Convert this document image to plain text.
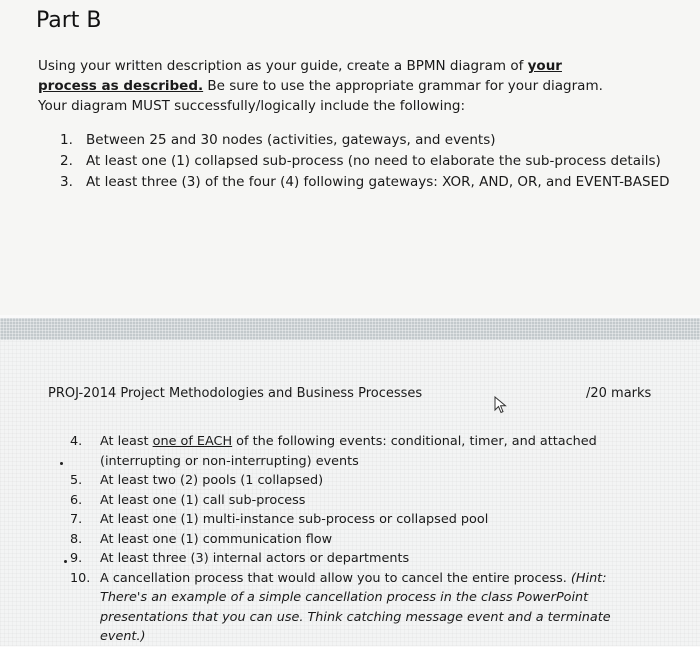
Part B

Using your written description as your guide, create a BPMN diagram of your process as described. Be sure to use the appropriate grammar for your diagram. Your diagram MUST successfully/logically include the following:

1. Between 25 and 30 nodes (activities, gateways, and events)
2. At least one (1) collapsed sub-process (no need to elaborate the sub-process details)
3. At least three (3) of the four (4) following gateways: XOR, AND, OR, and EVENT-BASED
PROJ-2014 Project Methodologies and Business Processes	/20 marks
4.	At least one of EACH of the following events: conditional, timer, and attached (interrupting or non-interrupting) events
5.	At least two (2) pools (1 collapsed)
6.	At least one (1) call sub-process
7.	At least one (1) multi-instance sub-process or collapsed pool
8.	At least one (1) communication flow
9.	At least three (3) internal actors or departments
10. A cancellation process that would allow you to cancel the entire process. (Hint: There's an example of a simple cancellation process in the class PowerPoint presentations that you can use. Think catching message event and a terminate event.)
